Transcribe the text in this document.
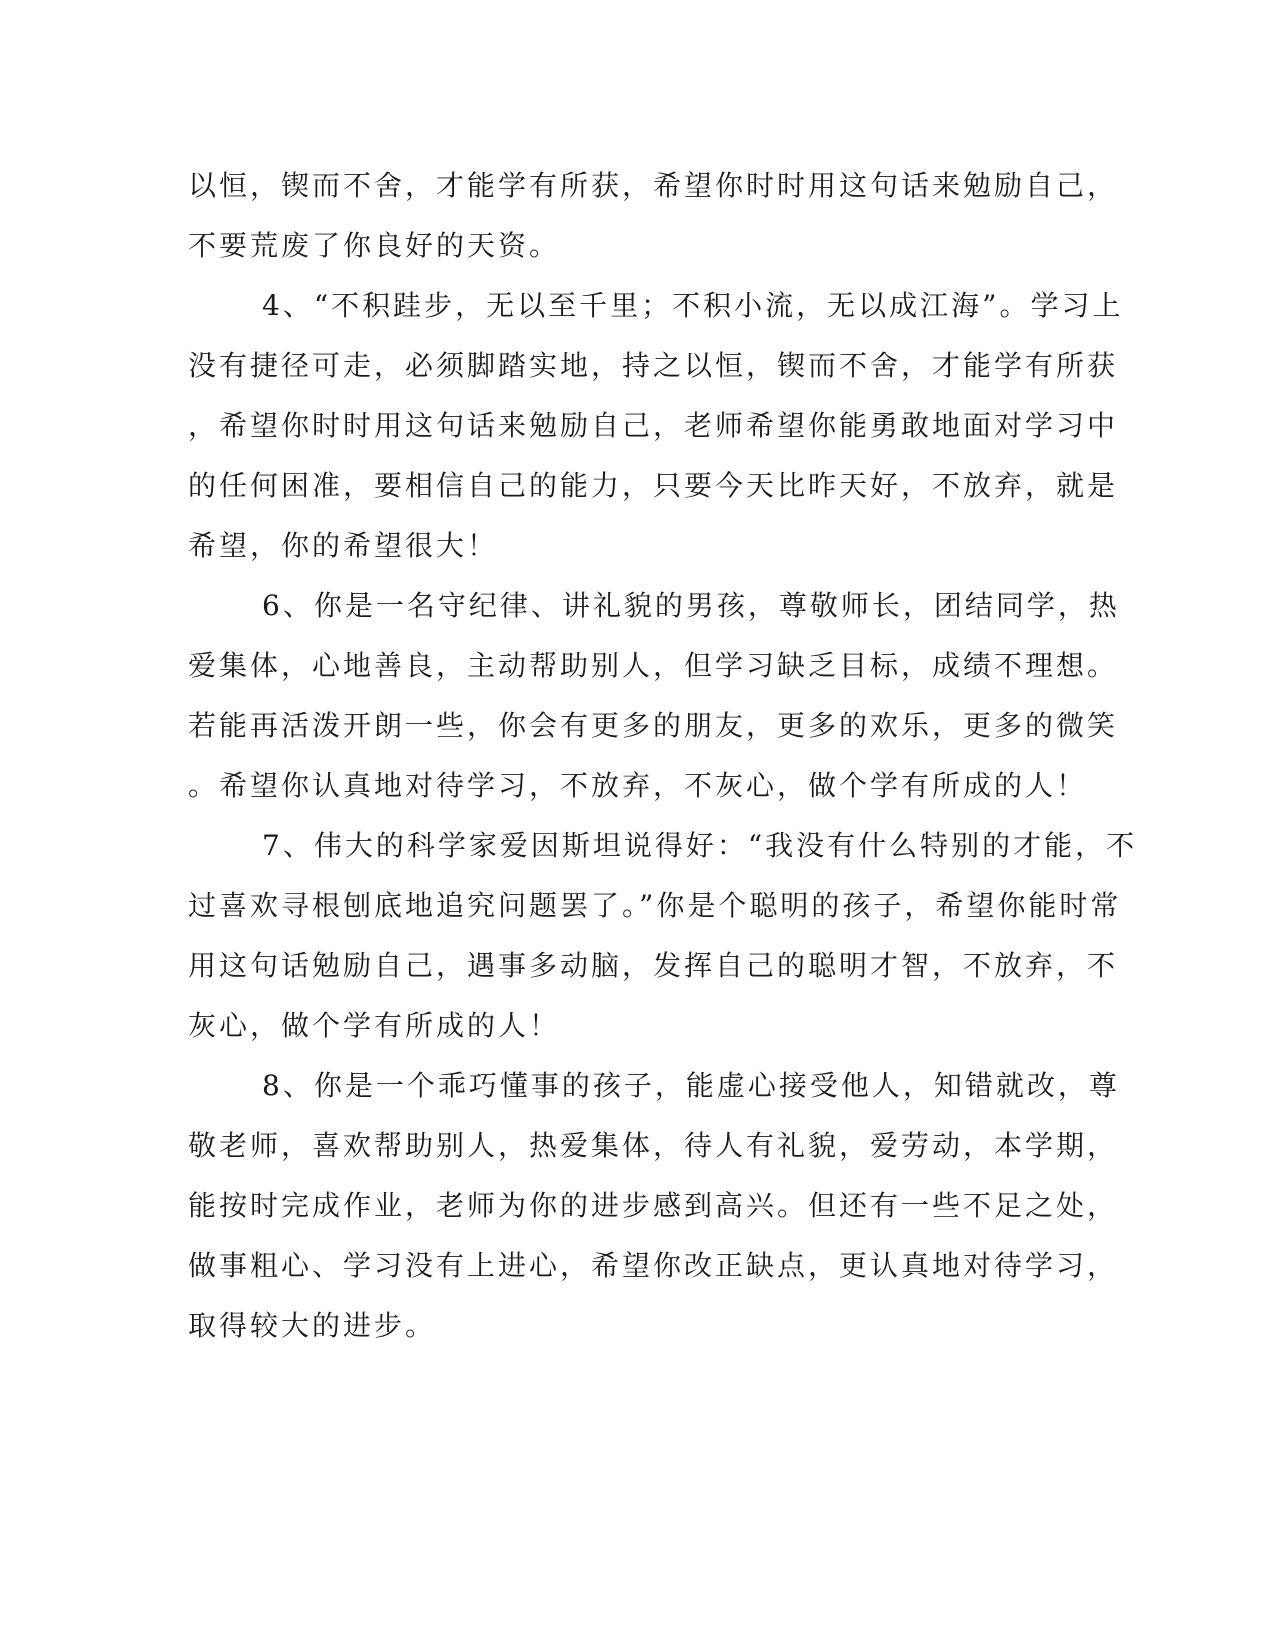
以恒，锲而不舍，才能学有所获，希望你时时用这句话来勉励自己，
不要荒废了你良好的天资。
4、“不积跬步，无以至千里；不积小流，无以成江海”。学习上
没有捷径可走，必须脚踏实地，持之以恒，锲而不舍，才能学有所获
，希望你时时用这句话来勉励自己，老师希望你能勇敢地面对学习中
的任何困准，要相信自己的能力，只要今天比昨天好，不放弃，就是
希望，你的希望很大！
6、你是一名守纪律、讲礼貌的男孩，尊敬师长，团结同学，热
爱集体，心地善良，主动帮助别人，但学习缺乏目标，成绩不理想。
若能再活泼开朗一些，你会有更多的朋友，更多的欢乐，更多的微笑
。希望你认真地对待学习，不放弃，不灰心，做个学有所成的人！
7、伟大的科学家爱因斯坦说得好：“我没有什么特别的才能，不
过喜欢寻根刨底地追究问题罢了。”你是个聪明的孩子，希望你能时常
用这句话勉励自己，遇事多动脑，发挥自己的聪明才智，不放弃，不
灰心，做个学有所成的人！
8、你是一个乖巧懂事的孩子，能虚心接受他人，知错就改，尊
敬老师，喜欢帮助别人，热爱集体，待人有礼貌，爱劳动，本学期，
能按时完成作业，老师为你的进步感到高兴。但还有一些不足之处，
做事粗心、学习没有上进心，希望你改正缺点，更认真地对待学习，
取得较大的进步。
